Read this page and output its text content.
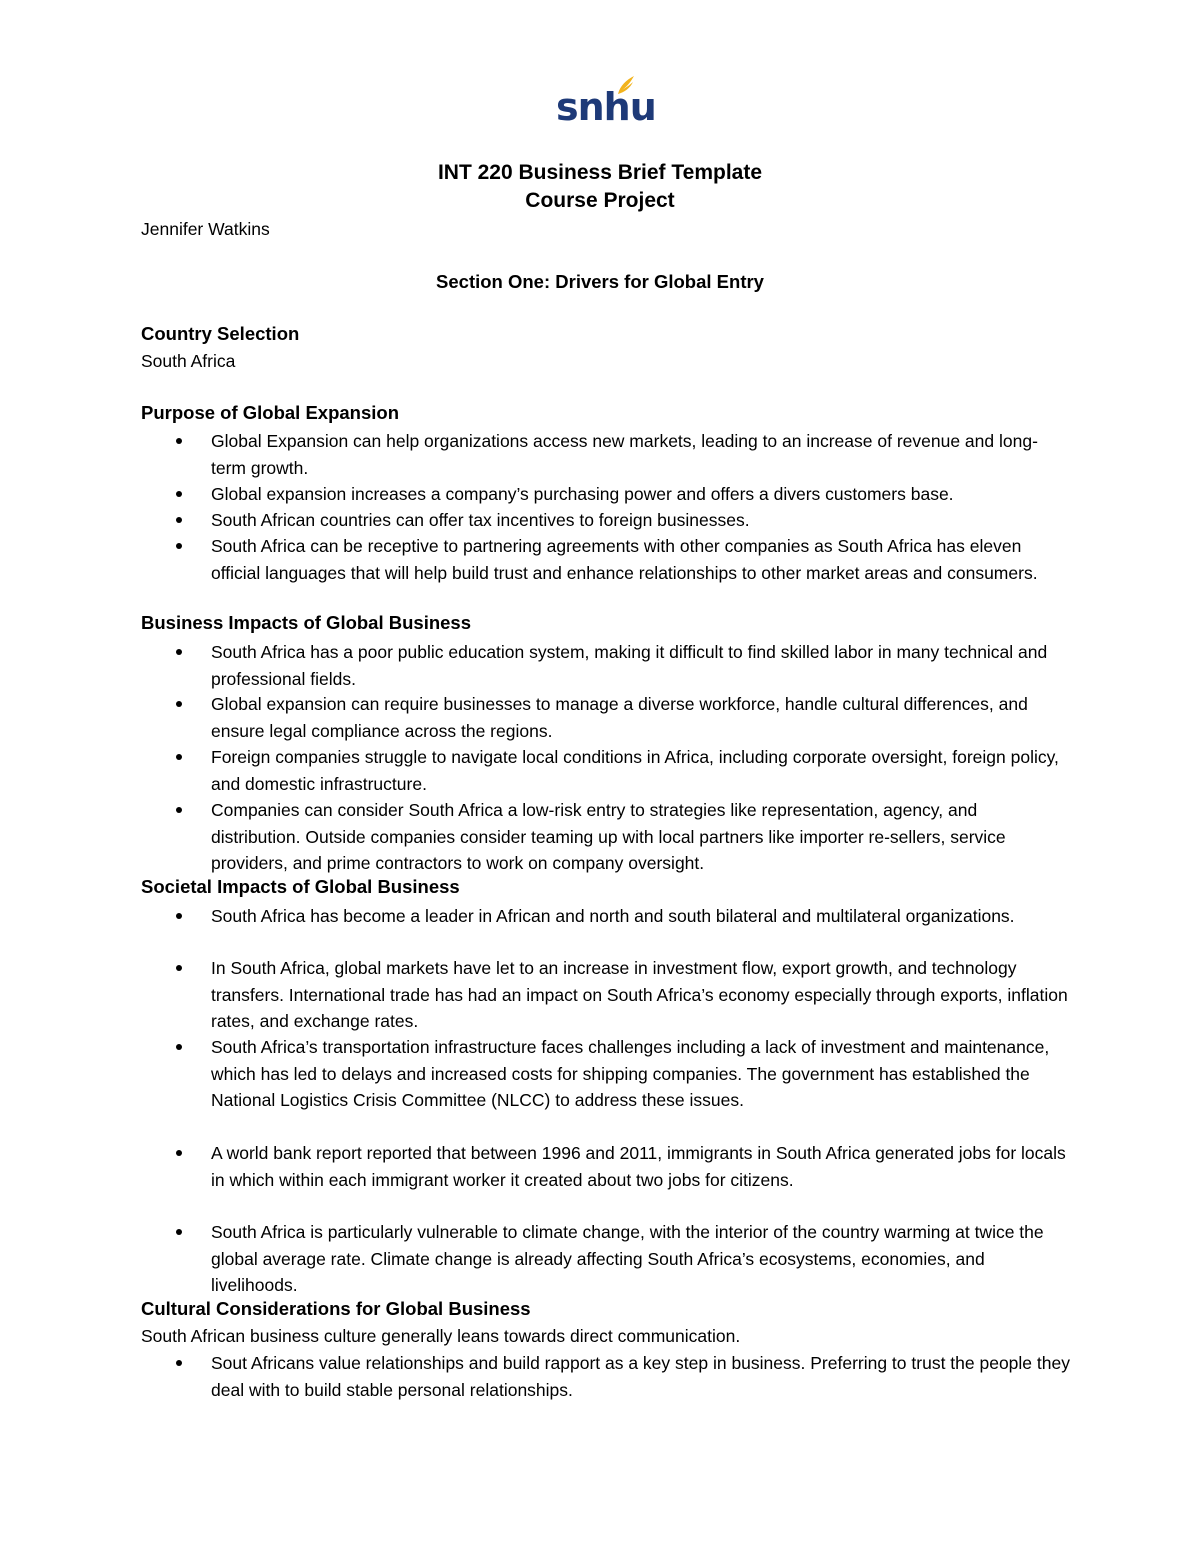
snhu
INT 220 Business Brief Template
Course Project
Jennifer Watkins
Section One: Drivers for Global Entry
Country Selection
South Africa
Purpose of Global Expansion
Global Expansion can help organizations access new markets, leading to an increase of revenue and long- term growth.
Global expansion increases a company’s purchasing power and offers a divers customers base.
South African countries can offer tax incentives to foreign businesses.
South Africa can be receptive to partnering agreements with other companies as South Africa has eleven official languages that will help build trust and enhance relationships to other market areas and consumers.
Business Impacts of Global Business
South Africa has a poor public education system, making it difficult to find skilled labor in many technical and professional fields.
Global expansion can require businesses to manage a diverse workforce, handle cultural differences, and ensure legal compliance across the regions.
Foreign companies struggle to navigate local conditions in Africa, including corporate oversight, foreign policy, and domestic infrastructure.
Companies can consider South Africa a low-risk entry to strategies like representation, agency, and distribution. Outside companies consider teaming up with local partners like importer re-sellers, service providers, and prime contractors to work on company oversight.
Societal Impacts of Global Business
South Africa has become a leader in African and north and south bilateral and multilateral organizations.
In South Africa, global markets have let to an increase in investment flow, export growth, and technology transfers. International trade has had an impact on South Africa’s economy especially through exports, inflation rates, and exchange rates.
South Africa’s transportation infrastructure faces challenges including a lack of investment and maintenance, which has led to delays and increased costs for shipping companies. The government has established the National Logistics Crisis Committee (NLCC) to address these issues.
A world bank report reported that between 1996 and 2011, immigrants in South Africa generated jobs for locals in which within each immigrant worker it created about two jobs for citizens.
South Africa is particularly vulnerable to climate change, with the interior of the country warming at twice the global average rate. Climate change is already affecting South Africa’s ecosystems, economies, and livelihoods.
Cultural Considerations for Global Business
South African business culture generally leans towards direct communication.
Sout Africans value relationships and build rapport as a key step in business. Preferring to trust the people they deal with to build stable personal relationships.
